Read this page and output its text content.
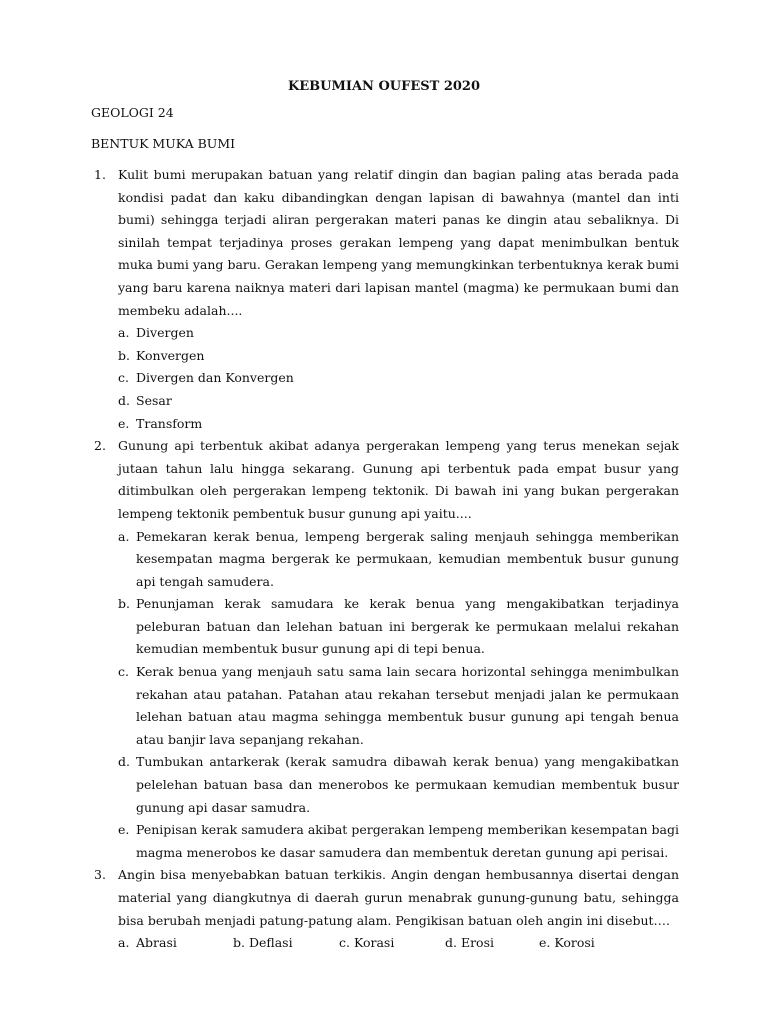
KEBUMIAN OUFEST 2020
GEOLOGI 24
BENTUK MUKA BUMI
1. Kulit bumi merupakan batuan yang relatif dingin dan bagian paling atas berada pada kondisi padat dan kaku dibandingkan dengan lapisan di bawahnya (mantel dan inti bumi) sehingga terjadi aliran pergerakan materi panas ke dingin atau sebaliknya. Di sinilah tempat terjadinya proses gerakan lempeng yang dapat menimbulkan bentuk muka bumi yang baru. Gerakan lempeng yang memungkinkan terbentuknya kerak bumi yang baru karena naiknya materi dari lapisan mantel (magma) ke permukaan bumi dan membeku adalah....
a. Divergen
b. Konvergen
c. Divergen dan Konvergen
d. Sesar
e. Transform
2. Gunung api terbentuk akibat adanya pergerakan lempeng yang terus menekan sejak jutaan tahun lalu hingga sekarang. Gunung api terbentuk pada empat busur yang ditimbulkan oleh pergerakan lempeng tektonik. Di bawah ini yang bukan pergerakan lempeng tektonik pembentuk busur gunung api yaitu....
a. Pemekaran kerak benua, lempeng bergerak saling menjauh sehingga memberikan kesempatan magma bergerak ke permukaan, kemudian membentuk busur gunung api tengah samudera.
b. Penunjaman kerak samudara ke kerak benua yang mengakibatkan terjadinya peleburan batuan dan lelehan batuan ini bergerak ke permukaan melalui rekahan kemudian membentuk busur gunung api di tepi benua.
c. Kerak benua yang menjauh satu sama lain secara horizontal sehingga menimbulkan rekahan atau patahan. Patahan atau rekahan tersebut menjadi jalan ke permukaan lelehan batuan atau magma sehingga membentuk busur gunung api tengah benua atau banjir lava sepanjang rekahan.
d. Tumbukan antarkerak (kerak samudra dibawah kerak benua) yang mengakibatkan pelelehan batuan basa dan menerobos ke permukaan kemudian membentuk busur gunung api dasar samudra.
e. Penipisan kerak samudera akibat pergerakan lempeng memberikan kesempatan bagi magma menerobos ke dasar samudera dan membentuk deretan gunung api perisai.
3. Angin bisa menyebabkan batuan terkikis. Angin dengan hembusannya disertai dengan material yang diangkutnya di daerah gurun menabrak gunung-gunung batu, sehingga bisa berubah menjadi patung-patung alam. Pengikisan batuan oleh angin ini disebut….
a. Abrasi	b. Deflasi	c. Korasi	d. Erosi	e. Korosi
